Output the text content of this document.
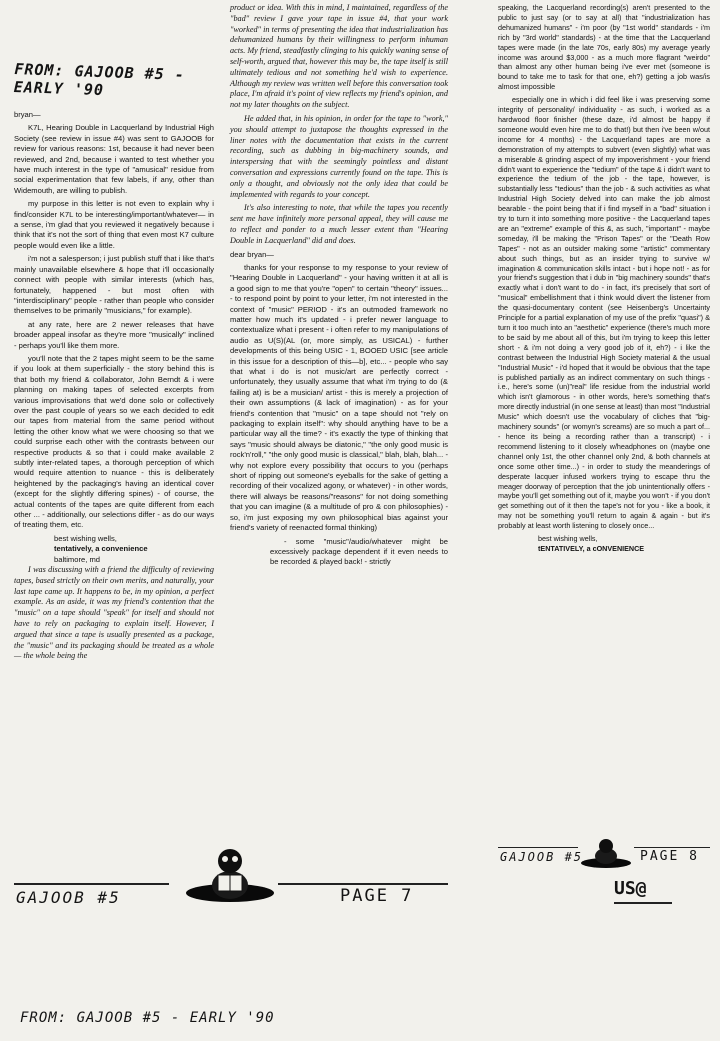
FROM: GAJOOB #5 - EARLY '90

bryan—

K7L, Hearing Double in Lacquerland by Industrial High Society (see review in issue #4) was sent to GAJOOB for review for various reasons: 1st, because it had never been reviewed, and 2nd, because i wanted to test whether you have much interest in the type of "amusical" residue from social experimentation that few labels, if any, other than Widemouth, are willing to publish.

my purpose in this letter is not even to explain why i find/consider K7L to be interesting/important/whatever— in a sense, i'm glad that you reviewed it negatively because i think that it's not the sort of thing that even most K7 culture people would even like a little.

i'm not a salesperson; i just publish stuff that i like that's mainly unavailable elsewhere & hope that i'll occasionally connect with people with similar interests (which has, fortunately, happened - but most often with "interdisciplinary" people - rather than people who consider themselves to be primarily "musicians," for example).

at any rate, here are 2 newer releases that have broader appeal insofar as they're more "musically" inclined - perhaps you'll like them more.

you'll note that the 2 tapes might seem to be the same if you look at them superficially - the story behind this is that both my friend & collaborator, John Berndt & i were planning on making tapes of selected excerpts from various improvisations that we'd done solo or collectively over the past couple of years so we each decided to edit our tapes from material from the same period without letting the other know what we were choosing so that we could surprise each other with the contrasts between our respective products & so that i could make available 2 subtly inter-related tapes, a thorough perception of which would require attention to nuance - this is deliberately heightened by the packaging's having an identical cover (except for the slightly differing spines) - of course, the actual contents of the tapes are quite different from each other ... - additionally, our selections differ - as do our ways of treating them, etc.

best wishing wells,

tentatively, a convenience

baltimore, md

I was discussing with a friend the difficulty of reviewing tapes, based strictly on their own merits, and naturally, your last tape came up. It happens to be, in my opinion, a perfect example. As an aside, it was my friend's contention that the "music" on a tape should "speak" for itself and should not have to rely on packaging to explain itself. However, I argued that since a tape is usually presented as a package, the "music" and its packaging should be treated as a whole— the whole being the

product or idea. With this in mind, I maintained, regardless of the "bad" review I gave your tape in issue #4, that your work "worked" in terms of presenting the idea that industrialization has dehumanized humans by their willingness to perform inhuman acts. My friend, steadfastly clinging to his quickly waning sense of self-worth, argued that, however this may be, the tape itself is still ultimately tedious and not something he'd wish to experience. Although my review was written well before this conversation took place, I'm afraid it's point of view reflects my friend's opinion, and not my later thoughts on the subject.

He added that, in his opinion, in order for the tape to "work," you should attempt to juxtapose the thoughts expressed in the liner notes with the documentation that exists in the current recording, such as dubbing in big-machinery sounds, and interspersing that with the seemingly pointless and distant conversation and expressions currently found on the tape. This is only a thought, and obviously not the only idea that could be implemented with regards to your concept.

It's also interesting to note, that while the tapes you recently sent me have infinitely more personal appeal, they will cause me to reflect and ponder to a much lesser extent than "Hearing Double in Lacquerland" did and does.

dear bryan—

thanks for your response to my response to your review of "Hearing Double in Lacquerland" - your having written it at all is a good sign to me that you're "open" to certain "theory" issues... - to respond point by point to your letter, i'm not interested in the context of "music" PERIOD - it's an outmoded framework no matter how much it's updated - i prefer newer language to contextualize what i present - i often refer to my manipulations of audio as U(S)(AL (or, more simply, as USICAL) - further developments of this being USIC - 1, BOOED USIC [see article in this issue for a description of this—b], etc... - people who say that what i do is not music/art are perfectly correct - unfortunately, they usually assume that what i'm trying to do (& failing at) is be a musician/ artist - this is merely a projection of their own assumptions (& lack of imagination) - as for your friend's contention that "music" on a tape should not "rely on packaging to explain itself": why should anything have to be a particular way all the time? - it's exactly the type of thinking that says "music should always be diatonic," "the only good music is rock'n'roll," "the only good music is classical," blah, blah, blah... - why not explore every possibility that occurs to you (perhaps short of ripping out someone's eyeballs for the sake of getting a recording of their vocalized agony, or whatever) - in other words, there will always be reasons/"reasons" for not doing something that you can imagine (& a multitude of pro & con philosophies) - so, i'm just exposing my own philosophical bias against your friend's variety of reenacted formal thinking)

- some "music"/audio/whatever might be excessively package dependent if it even needs to be recorded & played back! - strictly

speaking, the Lacquerland recording(s) aren't presented to the public to just say (or to say at all) that "industrialization has dehumanized humans" - i'm poor (by "1st world" standards - i'm rich by "3rd world" standards) - at the time that the Lacquerland tapes were made (in the late 70s, early 80s) my average yearly income was around $3,000 - as a much more flagrant "weirdo" than almost any other human being i've ever met (someone is bound to take me to task for that one, eh?) getting a job was/is almost impossible

especially one in which i did feel like i was preserving some integrity of personality/ individuality - as such, i worked as a hardwood floor finisher (these daze, i'd almost be happy if someone would even hire me to do that!) but then i've been w/out income for 4 months) - the Lacquerland tapes are more a demonstration of my attempts to subvert (even slightly) what was a miserable & grinding aspect of my impoverishment - your friend didn't want to experience the "tedium" of the tape & i didn't want to experience the tedium of the job - the tape, however, is substantially less "tedious" than the job - & such activities as what Industrial High Society delved into can make the job almost bearable - the point being that if i find myself in a "bad" situation i try to turn it into something more positive - the Lacquerland tapes are an "extreme" example of this &, as such, "important" - maybe someday, i'll be making the "Prison Tapes" or the "Death Row Tapes" - not as an outsider making some "artistic" commentary about such things, but as an insider trying to survive w/ imagination & communication skills intact - but i hope not! - as for your friend's suggestion that i dub in "big machinery sounds" that's exactly what i don't want to do - in fact, it's precisely that sort of "musical" embellishment that i think would divert the listener from the quasi-documentary content (see Heisenberg's Uncertainty Principle for a partial explanation of my use of the prefix "quasi") & turn it too much into an "aesthetic" experience (there's much more to be said by me about all of this, but i'm trying to keep this letter short - & i'm not doing a very good job of it, eh?) - i like the contrast between the Industrial High Society material & the usual "Industrial Music" - i'd hoped that it would be obvious that the tape is published partially as an indirect commentary on such things - i.e., here's some (un)"real" life residue from the industrial world which isn't glamorous - in other words, here's something that's more directly industrial (in one sense at least) than most "Industrial Music" which doesn't use the vocabulary of cliches that "big-machinery sounds" (or womyn's screams) are so much a part of... - hence its being a recording rather than a transcript) - i recommend listening to it closely w/headphones on (maybe one channel only 1st, the other channel only 2nd, & both channels at once some other time...) - in order to study the meanderings of desperate lacquer infused workers trying to escape thru the meager doorway of perception that the job unintentionally offers - maybe you'll get something out of it, maybe you won't - if you don't get something out of it then the tape's not for you - like a book, it may not be something you'll return to again & again - but it's probably at least worth listening to closely once...

best wishing wells,

tENTATIVELY, a cONVENIENCE

GAJOOB #5	PAGE 7
GAJOOB #5	PAGE 8
US@
FROM: GAJOOB #5 - EARLY '90
